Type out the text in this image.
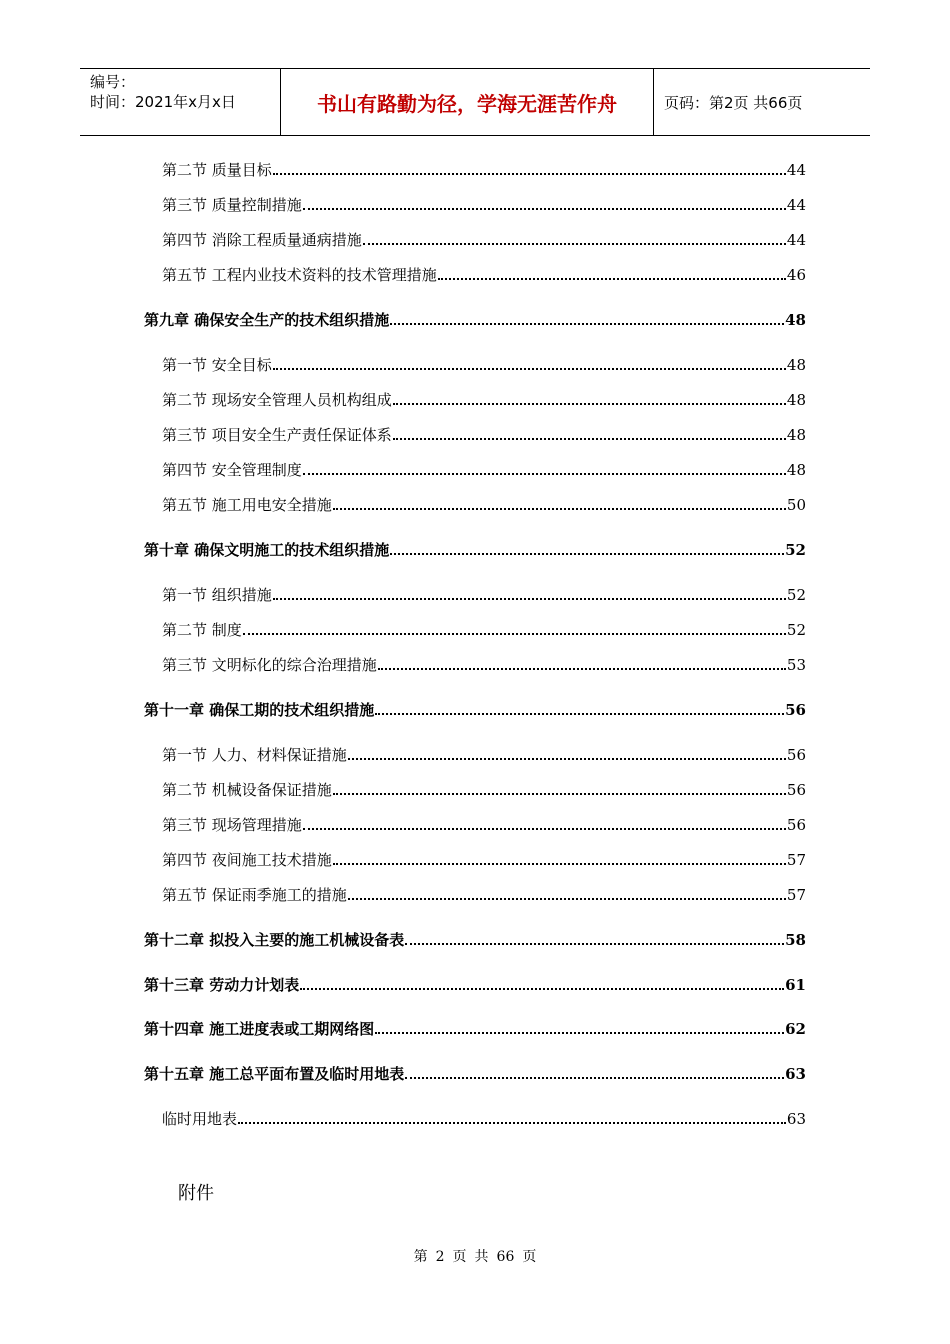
编号：
时间：2021年x月x日	书山有路勤为径，学海无涯苦作舟	页码：第2页 共66页
第二节 质量目标	44
第三节 质量控制措施	44
第四节 消除工程质量通病措施	44
第五节 工程内业技术资料的技术管理措施	46
第九章 确保安全生产的技术组织措施	48
第一节 安全目标	48
第二节 现场安全管理人员机构组成	48
第三节 项目安全生产责任保证体系	48
第四节 安全管理制度	48
第五节 施工用电安全措施	50
第十章 确保文明施工的技术组织措施	52
第一节 组织措施	52
第二节 制度	52
第三节 文明标化的综合治理措施	53
第十一章 确保工期的技术组织措施	56
第一节 人力、材料保证措施	56
第二节 机械设备保证措施	56
第三节 现场管理措施	56
第四节 夜间施工技术措施	57
第五节 保证雨季施工的措施	57
第十二章 拟投入主要的施工机械设备表	58
第十三章 劳动力计划表	61
第十四章 施工进度表或工期网络图	62
第十五章 施工总平面布置及临时用地表	63
临时用地表	63
附件
第 2 页 共 66 页
